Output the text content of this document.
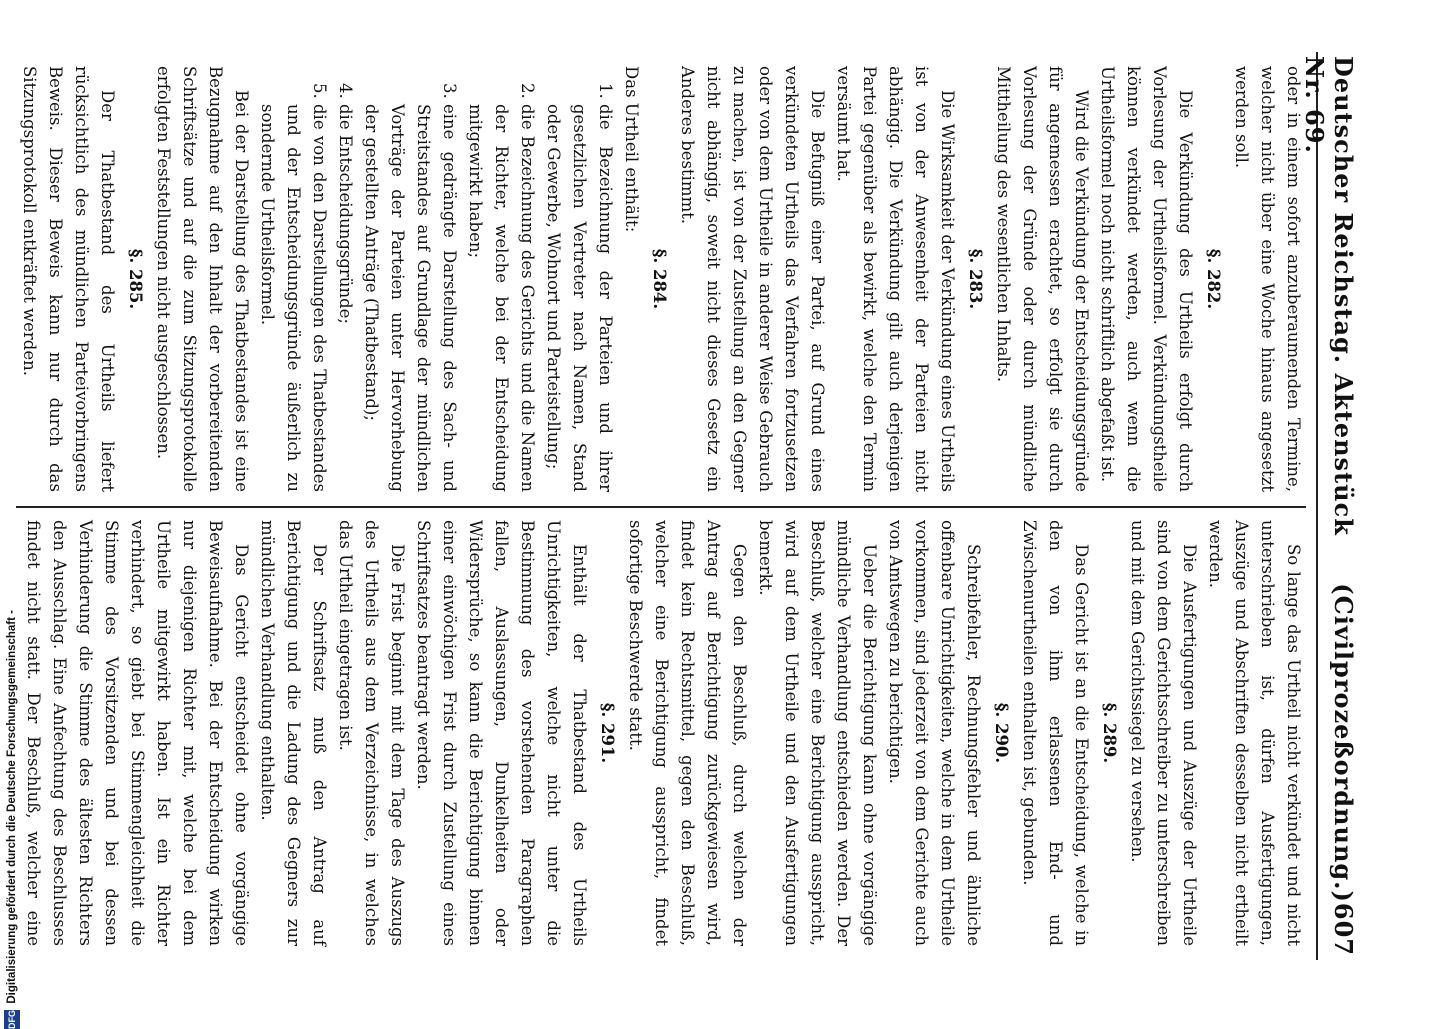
Deutscher Reichstag. Aktenstück Nr. 69.
(Civilprozeßordnung.)
607

oder in einem sofort anzuberaumenden Termine, welcher nicht über eine Woche hinaus angesetzt werden soll.

§. 282.

Die Verkündung des Urtheils erfolgt durch Vorlesung der Urtheilsformel. Verkündungstheile können verkündet werden, auch wenn die Urtheilsformel noch nicht schriftlich abgefaßt ist.

Wird die Verkündung der Entscheidungsgründe für angemessen erachtet, so erfolgt sie durch Vorlesung der Gründe oder durch mündliche Mittheilung des wesentlichen Inhalts.

§. 283.

Die Wirksamkeit der Verkündung eines Urtheils ist von der Anwesenheit der Parteien nicht abhängig. Die Verkündung gilt auch derjenigen Partei gegenüber als bewirkt, welche den Termin versäumt hat.

Die Befugniß einer Partei, auf Grund eines verkündeten Urtheils das Verfahren fortzusetzen oder von dem Urtheile in anderer Weise Gebrauch zu machen, ist von der Zustellung an den Gegner nicht abhängig, soweit nicht dieses Gesetz ein Anderes bestimmt.

§. 284.

Das Urtheil enthält:

1. die Bezeichnung der Parteien und ihrer gesetzlichen Vertreter nach Namen, Stand oder Gewerbe, Wohnort und Parteistellung;
2. die Bezeichnung des Gerichts und die Namen der Richter, welche bei der Entscheidung mitgewirkt haben;
3. eine gedrängte Darstellung des Sach- und Streitstandes auf Grundlage der mündlichen Vorträge der Parteien unter Hervorhebung der gestellten Anträge (Thatbestand);
4. die Entscheidungsgründe;
5. die von den Darstellungen des Thatbestandes und der Entscheidungsgründe äußerlich zu sondernde Urtheilsformel.

Bei der Darstellung des Thatbestandes ist eine Bezugnahme auf den Inhalt der vorbereitenden Schriftsätze und auf die zum Sitzungsprotokolle erfolgten Feststellungen nicht ausgeschlossen.

§. 285.

Der Thatbestand des Urtheils liefert rücksichtlich des mündlichen Parteivorbringens Beweis. Dieser Beweis kann nur durch das Sitzungsprotokoll entkräftet werden.

So lange das Urtheil nicht verkündet und nicht unterschrieben ist, dürfen Ausfertigungen, Auszüge und Abschriften desselben nicht ertheilt werden.

Die Ausfertigungen und Auszüge der Urtheile sind von dem Gerichtsschreiber zu unterschreiben und mit dem Gerichtssiegel zu versehen.

§. 289.

Das Gericht ist an die Entscheidung, welche in den von ihm erlassenen End- und Zwischenurtheilen enthalten ist, gebunden.

§. 290.

Schreibfehler, Rechnungsfehler und ähnliche offenbare Unrichtigkeiten, welche in dem Urtheile vorkommen, sind jederzeit von dem Gerichte auch von Amtswegen zu berichtigen.

Ueber die Berichtigung kann ohne vorgängige mündliche Verhandlung entschieden werden. Der Beschluß, welcher eine Berichtigung ausspricht, wird auf dem Urtheile und den Ausfertigungen bemerkt.

Gegen den Beschluß, durch welchen der Antrag auf Berichtigung zurückgewiesen wird, findet kein Rechtsmittel, gegen den Beschluß, welcher eine Berichtigung ausspricht, findet sofortige Beschwerde statt.

§. 291.

Enthält der Thatbestand des Urtheils Unrichtigkeiten, welche nicht unter die Bestimmung des vorstehenden Paragraphen fallen, Auslassungen, Dunkelheiten oder Widersprüche, so kann die Berichtigung binnen einer einwöchigen Frist durch Zustellung eines Schriftsatzes beantragt werden.

Die Frist beginnt mit dem Tage des Auszugs des Urtheils aus dem Verzeichnisse, in welches das Urtheil eingetragen ist.

Der Schriftsatz muß den Antrag auf Berichtigung und die Ladung des Gegners zur mündlichen Verhandlung enthalten.

Das Gericht entscheidet ohne vorgängige Beweisaufnahme. Bei der Entscheidung wirken nur diejenigen Richter mit, welche bei dem Urtheile mitgewirkt haben. Ist ein Richter verhindert, so giebt bei Stimmengleichheit die Stimme des Vorsitzenden und bei dessen Verhinderung die Stimme des ältesten Richters den Ausschlag. Eine Anfechtung des Beschlusses findet nicht statt. Der Beschluß, welcher eine

Digitalisierung gefördert durch die Deutsche Forschungsgemeinschaft -
DFG
